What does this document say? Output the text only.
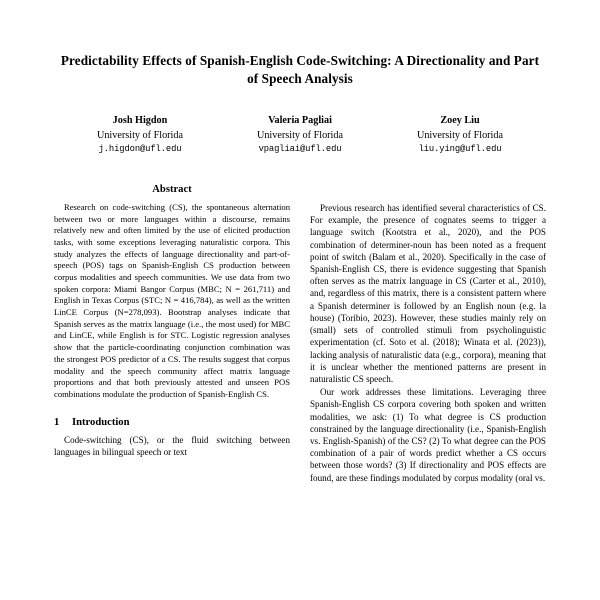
Predictability Effects of Spanish-English Code-Switching: A Directionality and Part of Speech Analysis
Josh Higdon
University of Florida
j.higdon@ufl.edu
Valeria Pagliai
University of Florida
vpagliai@ufl.edu
Zoey Liu
University of Florida
liu.ying@ufl.edu
Abstract

Research on code-switching (CS), the spontaneous alternation between two or more languages within a discourse, remains relatively new and often limited by the use of elicited production tasks, with some exceptions leveraging naturalistic corpora. This study analyzes the effects of language directionality and part-of-speech (POS) tags on Spanish-English CS production between corpus modalities and speech communities. We use data from two spoken corpora: Miami Bangor Corpus (MBC; N = 261,711) and English in Texas Corpus (STC; N = 416,784), as well as the written LinCE Corpus (N=278,093). Bootstrap analyses indicate that Spanish serves as the matrix language (i.e., the most used) for MBC and LinCE, while English is for STC. Logistic regression analyses show that the particle-coordinating conjunction combination was the strongest POS predictor of a CS. The results suggest that corpus modality and the speech community affect matrix language proportions and that both previously attested and unseen POS combinations modulate the production of Spanish-English CS.

1 Introduction

Code-switching (CS), or the fluid switching between languages in bilingual speech or text

Previous research has identified several characteristics of CS. For example, the presence of cognates seems to trigger a language switch (Kootstra et al., 2020), and the POS combination of determiner-noun has been noted as a frequent point of switch (Balam et al., 2020). Specifically in the case of Spanish-English CS, there is evidence suggesting that Spanish often serves as the matrix language in CS (Carter et al., 2010), and, regardless of this matrix, there is a consistent pattern where a Spanish determiner is followed by an English noun (e.g. la house) (Toribio, 2023). However, these studies mainly rely on (small) sets of controlled stimuli from psycholinguistic experimentation (cf. Soto et al. (2018); Winata et al. (2023)), lacking analysis of naturalistic data (e.g., corpora), meaning that it is unclear whether the mentioned patterns are present in naturalistic CS speech.

Our work addresses these limitations. Leveraging three Spanish-English CS corpora covering both spoken and written modalities, we ask: (1) To what degree is CS production constrained by the language directionality (i.e., Spanish-English vs. English-Spanish) of the CS? (2) To what degree can the POS combination of a pair of words predict whether a CS occurs between those words? (3) If directionality and POS effects are found, are these findings modulated by corpus modality (oral vs.
